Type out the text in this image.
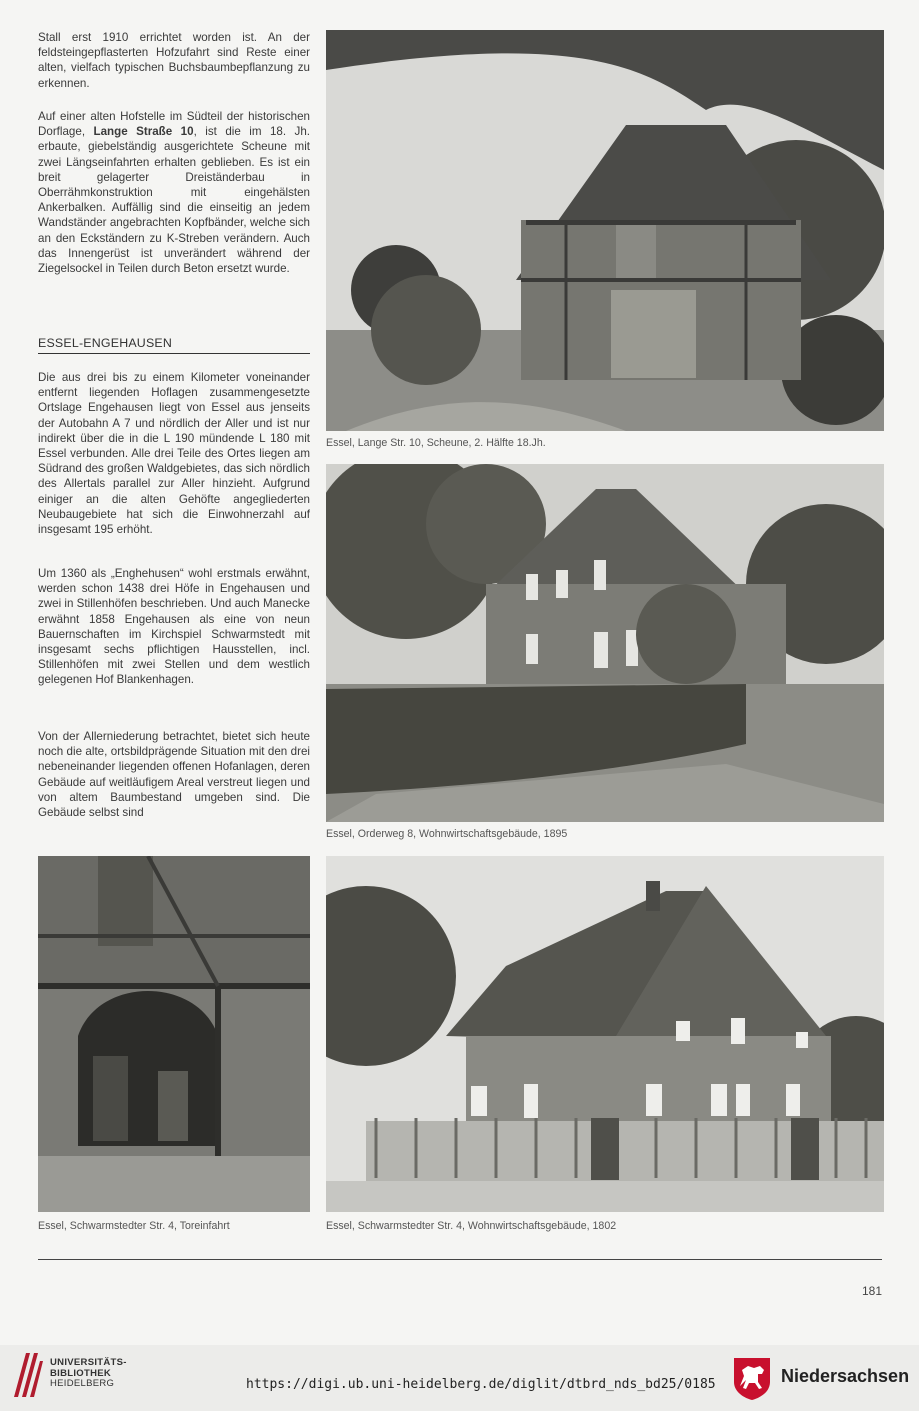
Stall erst 1910 errichtet worden ist. An der feldsteingepflasterten Hofzufahrt sind Reste einer alten, vielfach typischen Buchsbaumbepflanzung zu erkennen.

Auf einer alten Hofstelle im Südteil der historischen Dorflage, Lange Straße 10, ist die im 18. Jh. erbaute, giebelständig ausgerichtete Scheune mit zwei Längseinfahrten erhalten geblieben. Es ist ein breit gelagerter Dreiständerbau in Oberrähmkonstruktion mit eingehälsten Ankerbalken. Auffällig sind die einseitig an jedem Wandständer angebrachten Kopfbänder, welche sich an den Eckständern zu K-Streben verändern. Auch das Innengerüst ist unverändert während der Ziegelsockel in Teilen durch Beton ersetzt wurde.

ESSEL-ENGEHAUSEN

Die aus drei bis zu einem Kilometer voneinander entfernt liegenden Hoflagen zusammengesetzte Ortslage Engehausen liegt von Essel aus jenseits der Autobahn A 7 und nördlich der Aller und ist nur indirekt über die in die L 190 mündende L 180 mit Essel verbunden. Alle drei Teile des Ortes liegen am Südrand des großen Waldgebietes, das sich nördlich des Allertals parallel zur Aller hinzieht. Aufgrund einiger an die alten Gehöfte angegliederten Neubaugebiete hat sich die Einwohnerzahl auf insgesamt 195 erhöht.

Um 1360 als „Enghehusen“ wohl erstmals erwähnt, werden schon 1438 drei Höfe in Engehausen und zwei in Stillenhöfen beschrieben. Und auch Manecke erwähnt 1858 Engehausen als eine von neun Bauernschaften im Kirchspiel Schwarmstedt mit insgesamt sechs pflichtigen Hausstellen, incl. Stillenhöfen mit zwei Stellen und dem westlich gelegenen Hof Blankenhagen.

Von der Allerniederung betrachtet, bietet sich heute noch die alte, ortsbildprägende Situation mit den drei nebeneinander liegenden offenen Hofanlagen, deren Gebäude auf weitläufigem Areal verstreut liegen und von altem Baumbestand umgeben sind. Die Gebäude selbst sind

Essel, Lange Str. 10, Scheune, 2. Hälfte 18.Jh.
Essel, Orderweg 8, Wohnwirtschaftsgebäude, 1895
Essel, Schwarmstedter Str. 4, Toreinfahrt	Essel, Schwarmstedter Str. 4, Wohnwirtschaftsgebäude, 1802
181
UNIVERSITÄTS-
BIBLIOTHEK
HEIDELBERG	https://digi.ub.uni-heidelberg.de/diglit/dtbrd_nds_bd25/0185	Niedersachsen
